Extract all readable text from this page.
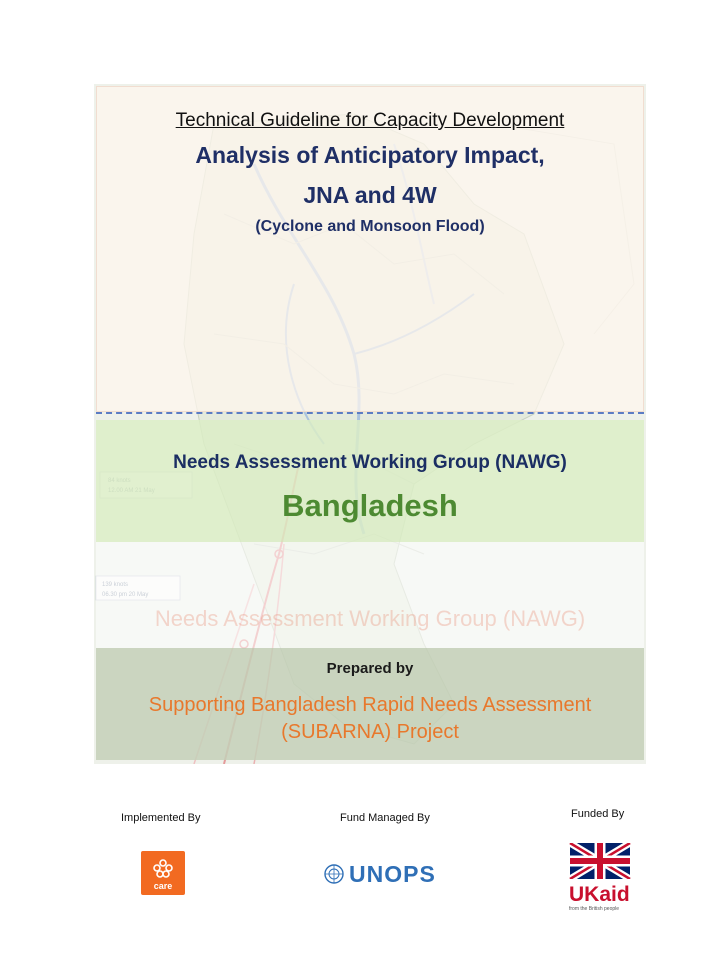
Technical Guideline for Capacity Development
Analysis of Anticipatory Impact,
JNA and 4W
(Cyclone and Monsoon Flood)
Needs Assessment Working Group (NAWG)
Bangladesh
Needs Assessment Working Group (NAWG)
Prepared by
Supporting Bangladesh Rapid Needs Assessment
(SUBARNA) Project
Implemented By	Fund Managed By	Funded By
care	UNOPS
UKaid
from the British people
